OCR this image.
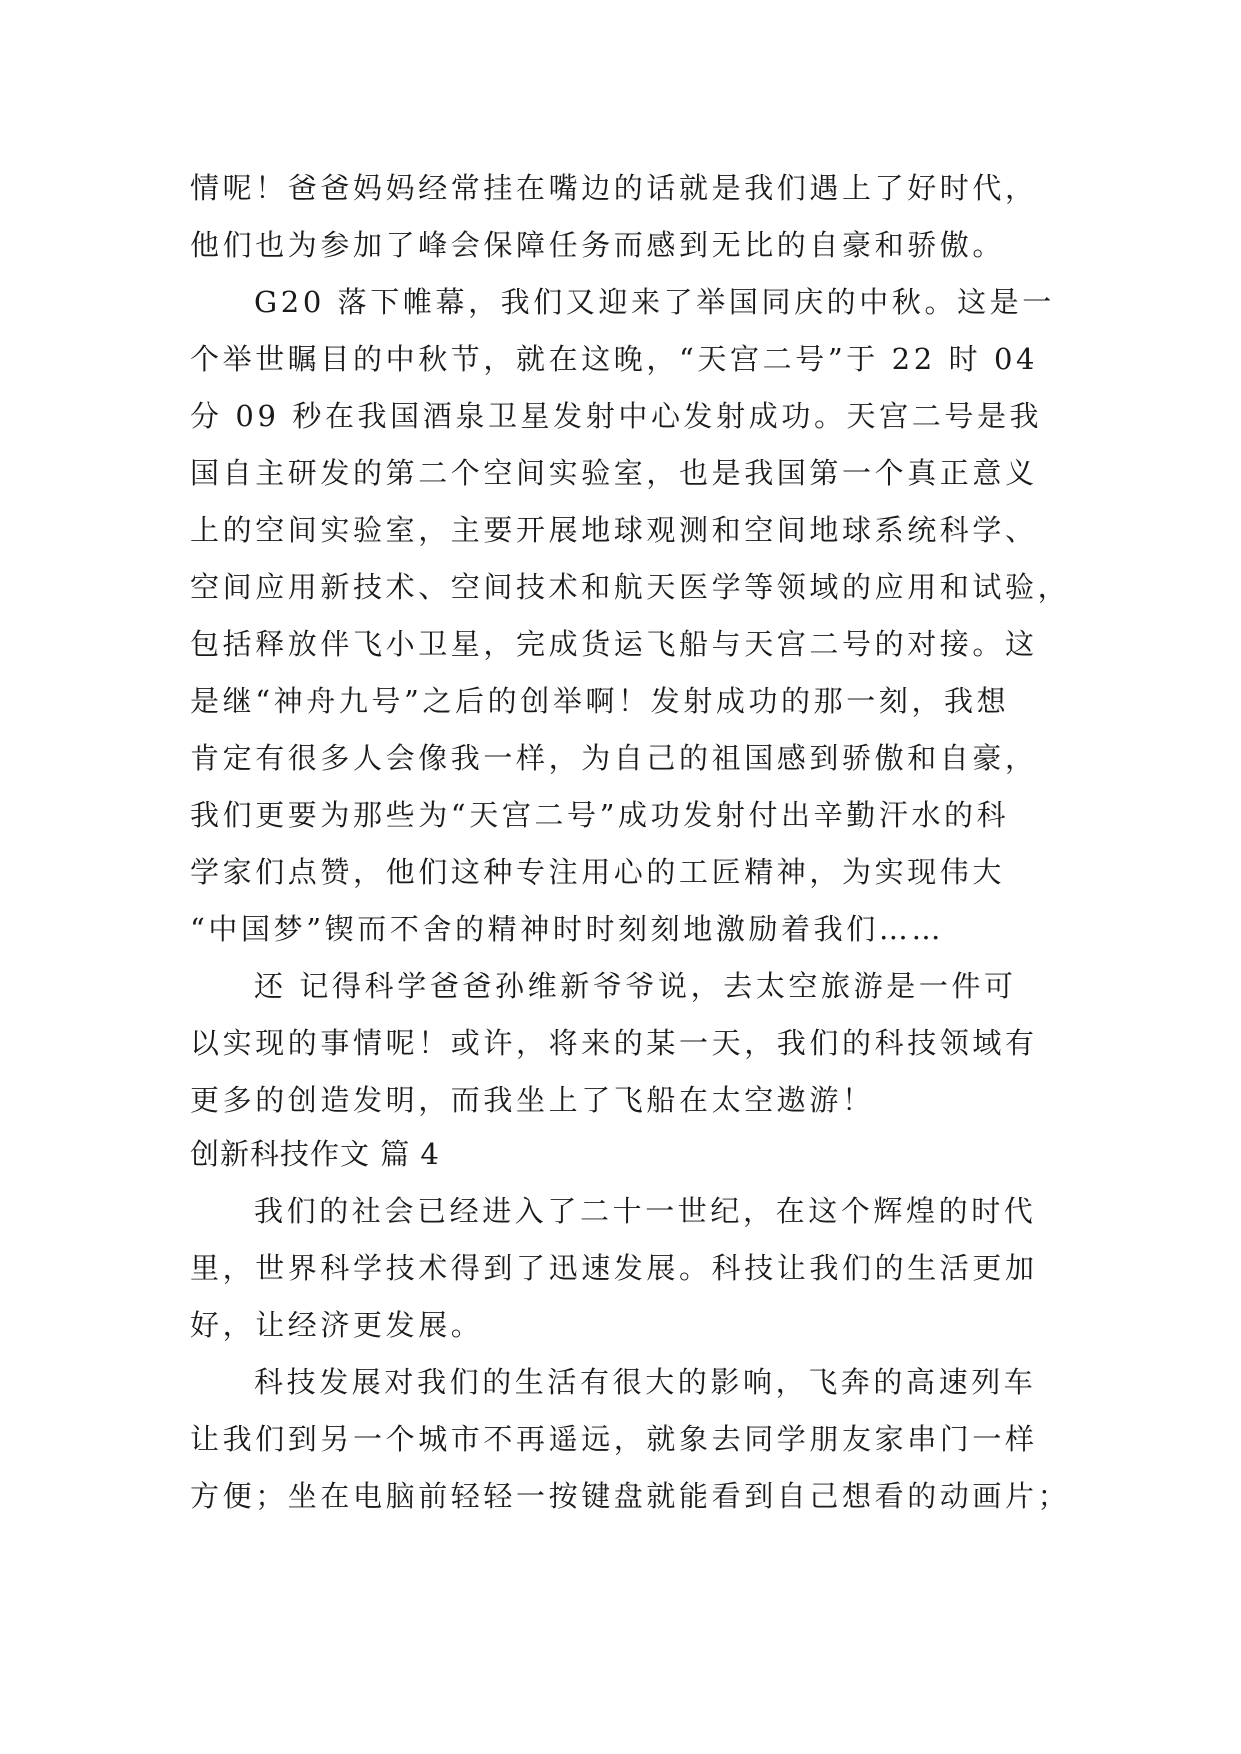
情呢！爸爸妈妈经常挂在嘴边的话就是我们遇上了好时代，

他们也为参加了峰会保障任务而感到无比的自豪和骄傲。

G20 落下帷幕，我们又迎来了举国同庆的中秋。这是一

个举世瞩目的中秋节，就在这晚，“天宫二号”于 22 时 04

分 09 秒在我国酒泉卫星发射中心发射成功。天宫二号是我

国自主研发的第二个空间实验室，也是我国第一个真正意义

上的空间实验室，主要开展地球观测和空间地球系统科学、

空间应用新技术、空间技术和航天医学等领域的应用和试验，

包括释放伴飞小卫星，完成货运飞船与天宫二号的对接。这

是继“神舟九号”之后的创举啊！发射成功的那一刻，我想

肯定有很多人会像我一样，为自己的祖国感到骄傲和自豪，

我们更要为那些为“天宫二号”成功发射付出辛勤汗水的科

学家们点赞，他们这种专注用心的工匠精神，为实现伟大

“中国梦”锲而不舍的精神时时刻刻地激励着我们……

还 记得科学爸爸孙维新爷爷说，去太空旅游是一件可

以实现的事情呢！或许，将来的某一天，我们的科技领域有

更多的创造发明，而我坐上了飞船在太空遨游！

创新科技作文 篇 4

我们的社会已经进入了二十一世纪，在这个辉煌的时代

里，世界科学技术得到了迅速发展。科技让我们的生活更加

好，让经济更发展。

科技发展对我们的生活有很大的影响，飞奔的高速列车

让我们到另一个城市不再遥远，就象去同学朋友家串门一样

方便；坐在电脑前轻轻一按键盘就能看到自己想看的动画片；
